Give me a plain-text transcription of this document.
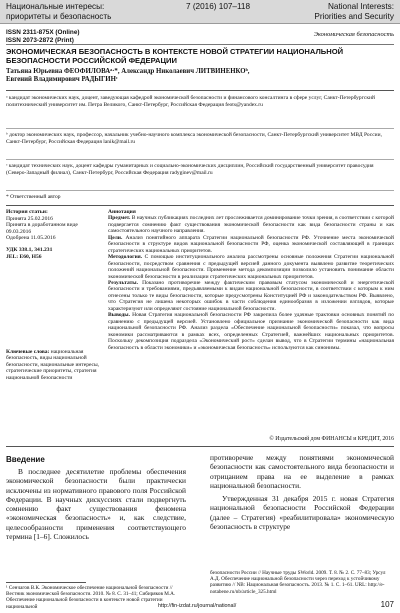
Национальные интересы:
приоритеты и безопасность
7 (2016) 107–118	National Interests:
Priorities and Security
ISSN 2311-875X (Online)
ISSN 2073-2872 (Print)
Экономическая безопасность
ЭКОНОМИЧЕСКАЯ БЕЗОПАСНОСТЬ В КОНТЕКСТЕ НОВОЙ СТРАТЕГИИ НАЦИОНАЛЬНОЙ БЕЗОПАСНОСТИ РОССИЙСКОЙ ФЕДЕРАЦИИ
Татьяна Юрьевна ФЕОФИЛОВАᵃ·*, Александр Николаевич ЛИТВИНЕНКОᵇ,
Евгений Владимирович РАДЫГИНᶜ
ᵃ кандидат экономических наук, доцент, заведующая кафедрой экономической безопасности и финансового консалтинга в сфере услуг, Санкт-Петербургский политехнический университет им. Петра Великого, Санкт-Петербург, Российская Федерация feots@yandex.ru
ᵇ доктор экономических наук, профессор, начальник учебно-научного комплекса экономической безопасности, Санкт-Петербургский университет МВД России, Санкт-Петербург, Российская Федерация lanik@mail.ru
ᶜ кандидат технических наук, доцент кафедры гуманитарных и социально-экономических дисциплин, Российский государственный университет правосудия (Северо-Западный филиал), Санкт-Петербург, Российская Федерация radyginev@mail.ru
* Ответственный автор
История статьи:
Принята 25.02.2016
Принята в доработанном виде
09.03.2016
Одобрена 11.05.2016
УДК 338.1, 341.231
JEL: E60, H56
Аннотация
Предмет. В научных публикациях последних лет прослеживается доминирование точки зрения, в соответствии с которой подвергается сомнению факт существования экономической безопасности как вида безопасности страны и как самостоятельного научного направления.
Цели. Анализ понятийного аппарата Стратегии национальной безопасности РФ. Уточнение места экономической безопасности в структуре видов национальной безопасности РФ, оценка экономической составляющей в границах стратегических национальных приоритетов.
Методология. С помощью институционального анализа рассмотрены основные положения Стратегии национальной безопасности, посредством сравнения с предыдущей версией данного документа выявлено развитие теоретических положений национальной безопасности. Применение метода декомпозиции позволило установить понимание области экономической безопасности в реализации стратегических национальных приоритетов.
Результаты. Показано противоречие между фактическим правовым статусом экономической и энергетической безопасности и требованиями, предъявляемыми к видам национальной безопасности, в соответствии с которым к ним отнесены только те виды безопасности, которые предусмотрены Конституцией РФ и законодательством РФ. Выявлено, что Стратегия не лишена некоторых ошибок в части соблюдения единообразия в изложении взглядов, которые характеризуют или определяют состояние национальной безопасности.
Выводы. Новая Стратегия национальной безопасности РФ закрепила более удачные трактовки основных понятий по сравнению с предыдущей версией. Установлено официальное признание экономической безопасности как вида национальной безопасности РФ. Анализ раздела «Обеспечение национальной безопасности» показал, что вопросы экономики рассматриваются в рамках всех, определенных Стратегией, важнейших национальных приоритетов. Поскольку декомпозиция подраздела «Экономический рост» сделан вывод, что в Стратегии термины «национальная безопасность в области экономики» и «экономическая безопасность» используются как синонимы.
Ключевые слова: национальная безопасность, виды национальной безопасности, национальные интересы, стратегические приоритеты, стратегия национальной безопасности
© Издательский дом ФИНАНСЫ и КРЕДИТ, 2016
Введение
В последнее десятилетие проблемы обеспечения экономической безопасности были практически исключены из нормативного правового поля Российской Федерации. В научных дискуссиях стали подвергнуть сомнению факт существования феномена «экономическая безопасность» и, как следствие, целесообразности применения соответствующего термина [1–6]. Сложилось

противоречие между понятиями экономической безопасности как самостоятельного вида безопасности и отрицанием права на ее выделение в рамках национальной безопасности.

Утвержденная 31 декабря 2015 г. новая Стратегия национальной безопасности Российской Федерации (далее – Стратегия) «реабилитировала» экономическую безопасность в структуре

¹ Сенчагов В.К. Экономическое обеспечение национальной безопасности // Вестник экономической безопасности. 2010. № 8. С. 31–41; Сибиряков М.А. Обеспечение национальной безопасности в контексте новой стратегии национальной
безопасности России // Научные труды SWorld. 2009. Т. 8. № 2. С. 77–83; Урсул А.Д. Обеспечение национальной безопасности через переход к устойчивому развитию // NB: Национальная безопасность. 2013. № 1. С. 1–61. URL: http://e-notabene.ru/nb/article_325.html
http://fin-izdat.ru/journal/national/	107
